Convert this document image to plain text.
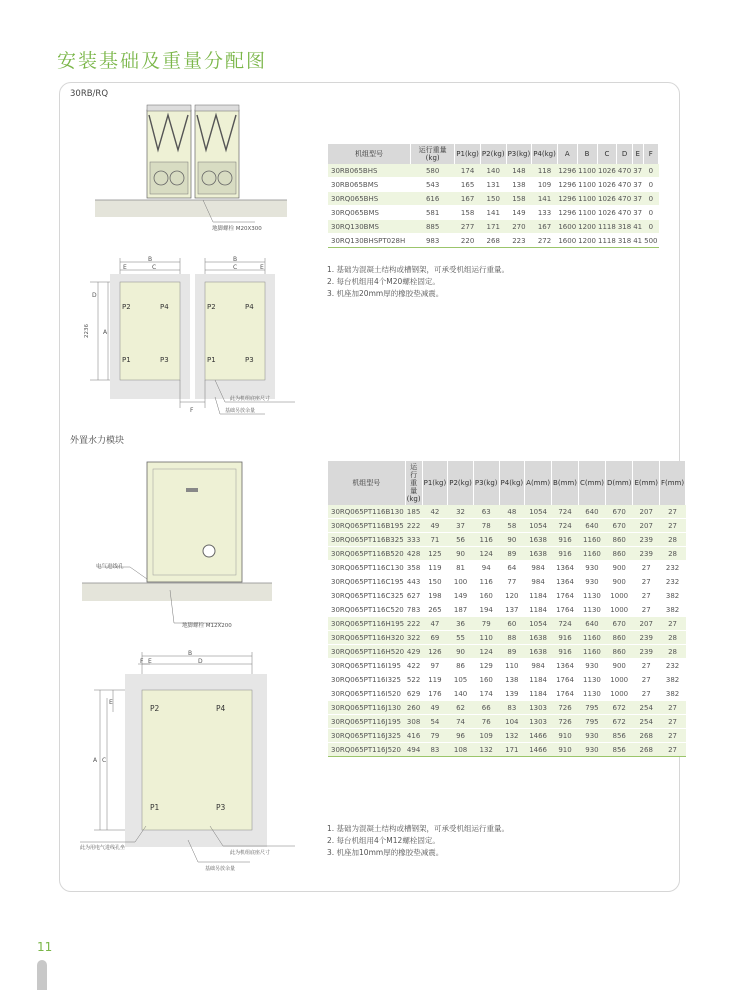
安装基础及重量分配图
30RB/RQ
外置水力模块
地脚螺栓 M20X300
B	B
E	C	C	E
D
2236 A
P2	P4
P1	P3
P2	P4
P1	P3
F
此为机组底座尺寸
基础另放余量
机组型号	运行重量(kg)	P1(kg)	P2(kg)	P3(kg)	P4(kg)	A	B	C	D	E	F
30RB065BHS	580	174	140	148	118	1296	1100	1026	470	37	0
30RB065BMS	543	165	131	138	109	1296	1100	1026	470	37	0
30RQ065BHS	616	167	150	158	141	1296	1100	1026	470	37	0
30RQ065BMS	581	158	141	149	133	1296	1100	1026	470	37	0
30RQ130BMS	885	277	171	270	167	1600	1200	1118	318	41	0
30RQ130BHSPT028H	983	220	268	223	272	1600	1200	1118	318	41	500
1. 基础为混凝土结构或槽钢架，可承受机组运行重量。
2. 每台机组用4个M20螺栓固定。
3. 机座加20mm厚的橡胶垫减震。
地脚螺栓 M12X200
电气进线孔
B
F E	D
E
C
A
P2	P4
P1	P3
此为用电气进线孔坐
此为机组底座尺寸
基础另放余量
机组型号	运行重量(kg)	P1(kg)	P2(kg)	P3(kg)	P4(kg)	A(mm)	B(mm)	C(mm)	D(mm)	E(mm)	F(mm)
30RQ065PT116B130	185	42	32	63	48	1054	724	640	670	207	27
30RQ065PT116B195	222	49	37	78	58	1054	724	640	670	207	27
30RQ065PT116B325	333	71	56	116	90	1638	916	1160	860	239	28
30RQ065PT116B520	428	125	90	124	89	1638	916	1160	860	239	28
30RQ065PT116C130	358	119	81	94	64	984	1364	930	900	27	232
30RQ065PT116C195	443	150	100	116	77	984	1364	930	900	27	232
30RQ065PT116C325	627	198	149	160	120	1184	1764	1130	1000	27	382
30RQ065PT116C520	783	265	187	194	137	1184	1764	1130	1000	27	382
30RQ065PT116H195	222	47	36	79	60	1054	724	640	670	207	27
30RQ065PT116H320	322	69	55	110	88	1638	916	1160	860	239	28
30RQ065PT116H520	429	126	90	124	89	1638	916	1160	860	239	28
30RQ065PT116I195	422	97	86	129	110	984	1364	930	900	27	232
30RQ065PT116I325	522	119	105	160	138	1184	1764	1130	1000	27	382
30RQ065PT116I520	629	176	140	174	139	1184	1764	1130	1000	27	382
30RQ065PT116J130	260	49	62	66	83	1303	726	795	672	254	27
30RQ065PT116J195	308	54	74	76	104	1303	726	795	672	254	27
30RQ065PT116J325	416	79	96	109	132	1466	910	930	856	268	27
30RQ065PT116J520	494	83	108	132	171	1466	910	930	856	268	27
1. 基础为混凝土结构或槽钢架，可承受机组运行重量。
2. 每台机组用4个M12螺栓固定。
3. 机座加10mm厚的橡胶垫减震。
11
